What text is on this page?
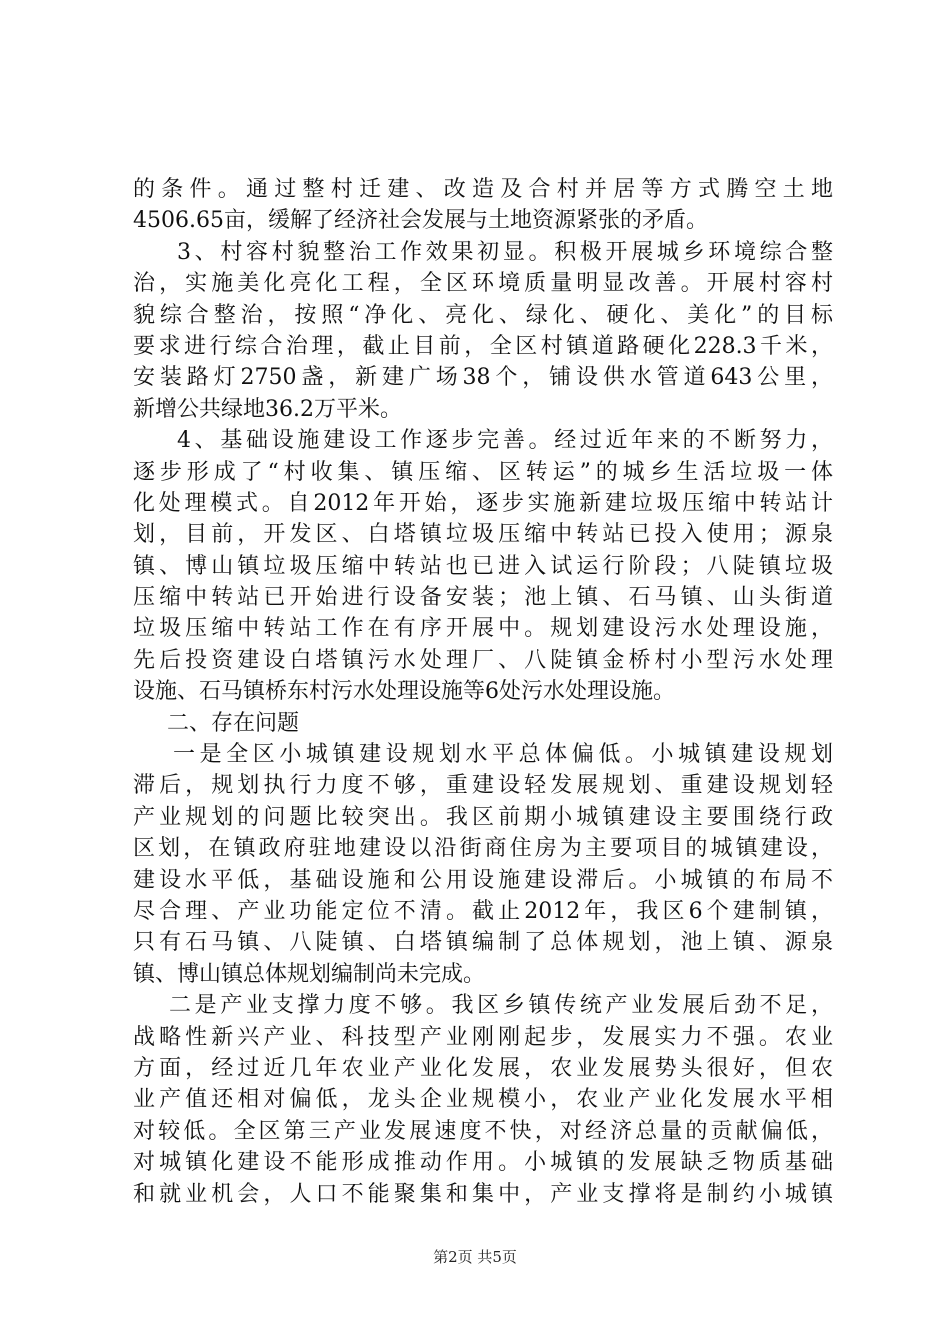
的条件。通过整村迁建、改造及合村并居等方式腾空土地
4506.65亩，缓解了经济社会发展与土地资源紧张的矛盾。
3、村容村貌整治工作效果初显。积极开展城乡环境综合整
治，实施美化亮化工程，全区环境质量明显改善。开展村容村
貌综合整治，按照“净化、亮化、绿化、硬化、美化”的目标
要求进行综合治理，截止目前，全区村镇道路硬化228.3千米，
安装路灯2750盏，新建广场38个，铺设供水管道643公里，
新增公共绿地36.2万平米。
4、基础设施建设工作逐步完善。经过近年来的不断努力，
逐步形成了“村收集、镇压缩、区转运”的城乡生活垃圾一体
化处理模式。自2012年开始，逐步实施新建垃圾压缩中转站计
划，目前，开发区、白塔镇垃圾压缩中转站已投入使用；源泉
镇、博山镇垃圾压缩中转站也已进入试运行阶段；八陡镇垃圾
压缩中转站已开始进行设备安装；池上镇、石马镇、山头街道
垃圾压缩中转站工作在有序开展中。规划建设污水处理设施，
先后投资建设白塔镇污水处理厂、八陡镇金桥村小型污水处理
设施、石马镇桥东村污水处理设施等6处污水处理设施。
二、存在问题
一是全区小城镇建设规划水平总体偏低。小城镇建设规划
滞后，规划执行力度不够，重建设轻发展规划、重建设规划轻
产业规划的问题比较突出。我区前期小城镇建设主要围绕行政
区划，在镇政府驻地建设以沿街商住房为主要项目的城镇建设，
建设水平低，基础设施和公用设施建设滞后。小城镇的布局不
尽合理、产业功能定位不清。截止2012年，我区6个建制镇，
只有石马镇、八陡镇、白塔镇编制了总体规划，池上镇、源泉
镇、博山镇总体规划编制尚未完成。
二是产业支撑力度不够。我区乡镇传统产业发展后劲不足，
战略性新兴产业、科技型产业刚刚起步，发展实力不强。农业
方面，经过近几年农业产业化发展，农业发展势头很好，但农
业产值还相对偏低，龙头企业规模小，农业产业化发展水平相
对较低。全区第三产业发展速度不快，对经济总量的贡献偏低，
对城镇化建设不能形成推动作用。小城镇的发展缺乏物质基础
和就业机会，人口不能聚集和集中，产业支撑将是制约小城镇
第2页 共5页
